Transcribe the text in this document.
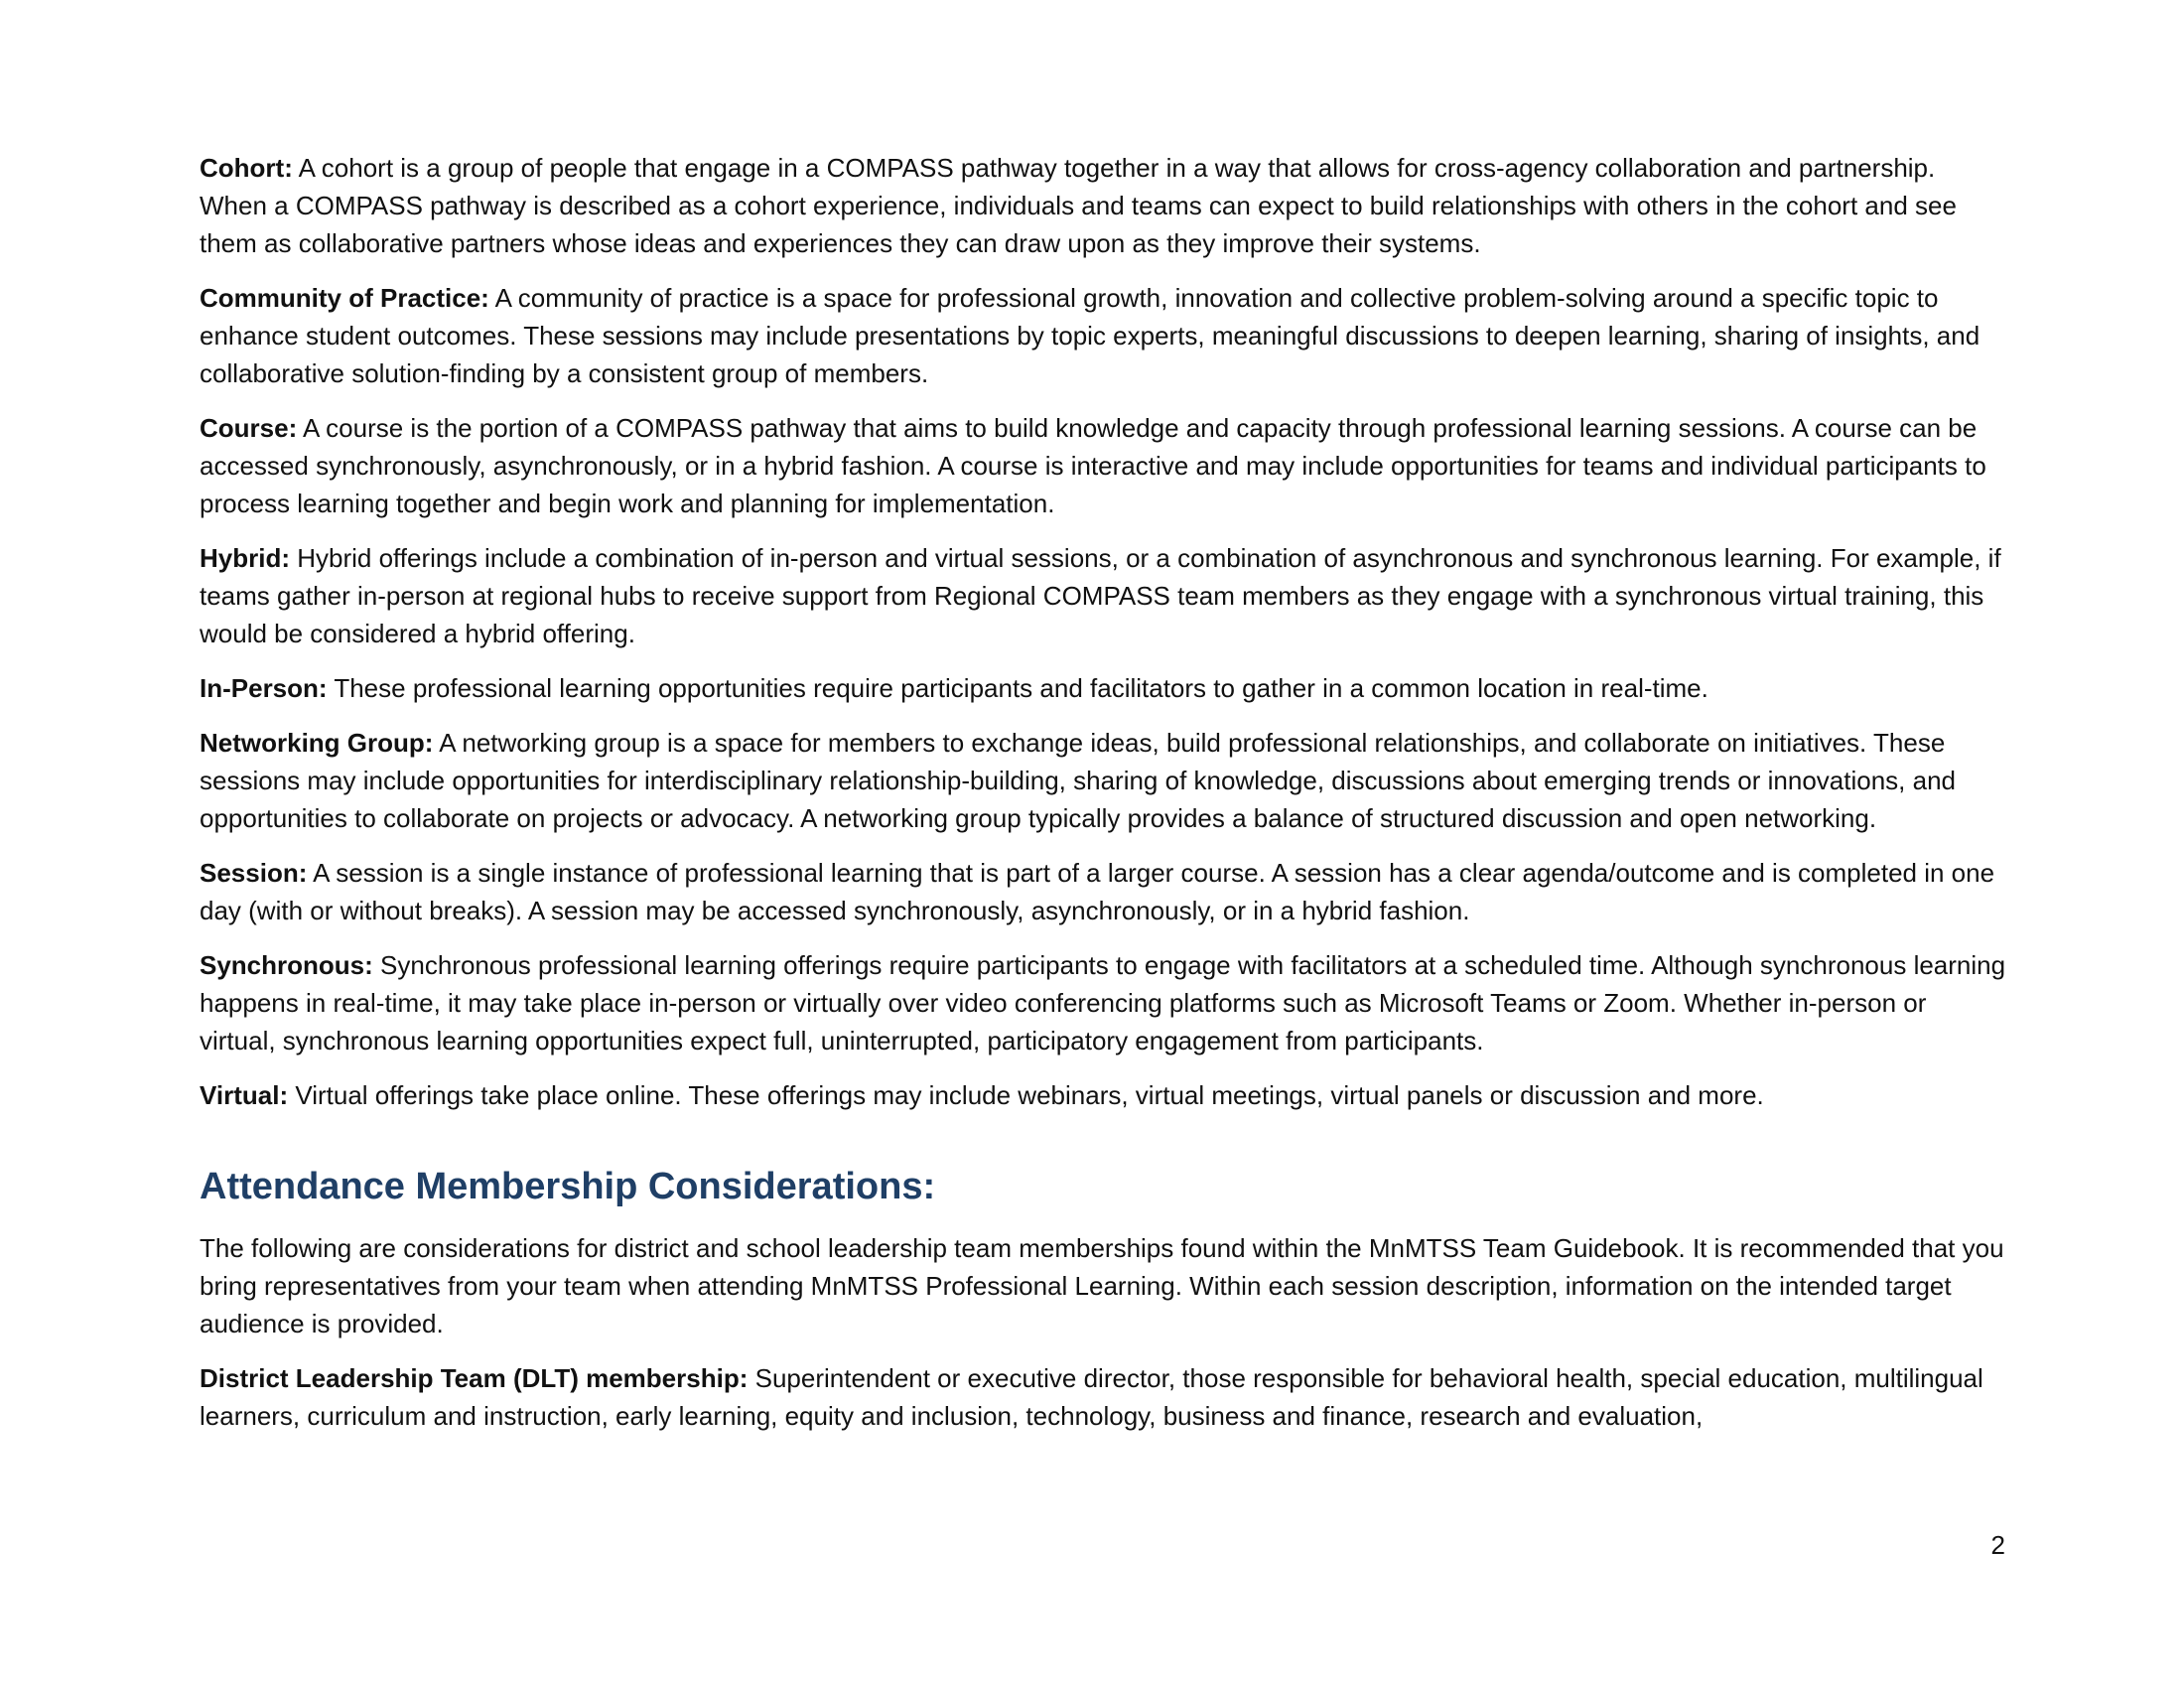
Cohort: A cohort is a group of people that engage in a COMPASS pathway together in a way that allows for cross-agency collaboration and partnership. When a COMPASS pathway is described as a cohort experience, individuals and teams can expect to build relationships with others in the cohort and see them as collaborative partners whose ideas and experiences they can draw upon as they improve their systems.

Community of Practice: A community of practice is a space for professional growth, innovation and collective problem-solving around a specific topic to enhance student outcomes. These sessions may include presentations by topic experts, meaningful discussions to deepen learning, sharing of insights, and collaborative solution-finding by a consistent group of members.

Course: A course is the portion of a COMPASS pathway that aims to build knowledge and capacity through professional learning sessions. A course can be accessed synchronously, asynchronously, or in a hybrid fashion. A course is interactive and may include opportunities for teams and individual participants to process learning together and begin work and planning for implementation.

Hybrid: Hybrid offerings include a combination of in-person and virtual sessions, or a combination of asynchronous and synchronous learning. For example, if teams gather in-person at regional hubs to receive support from Regional COMPASS team members as they engage with a synchronous virtual training, this would be considered a hybrid offering.

In-Person: These professional learning opportunities require participants and facilitators to gather in a common location in real-time.

Networking Group: A networking group is a space for members to exchange ideas, build professional relationships, and collaborate on initiatives. These sessions may include opportunities for interdisciplinary relationship-building, sharing of knowledge, discussions about emerging trends or innovations, and opportunities to collaborate on projects or advocacy. A networking group typically provides a balance of structured discussion and open networking.

Session: A session is a single instance of professional learning that is part of a larger course. A session has a clear agenda/outcome and is completed in one day (with or without breaks). A session may be accessed synchronously, asynchronously, or in a hybrid fashion.

Synchronous: Synchronous professional learning offerings require participants to engage with facilitators at a scheduled time. Although synchronous learning happens in real-time, it may take place in-person or virtually over video conferencing platforms such as Microsoft Teams or Zoom. Whether in-person or virtual, synchronous learning opportunities expect full, uninterrupted, participatory engagement from participants.

Virtual: Virtual offerings take place online. These offerings may include webinars, virtual meetings, virtual panels or discussion and more.

Attendance Membership Considerations:

The following are considerations for district and school leadership team memberships found within the MnMTSS Team Guidebook. It is recommended that you bring representatives from your team when attending MnMTSS Professional Learning. Within each session description, information on the intended target audience is provided.

District Leadership Team (DLT) membership: Superintendent or executive director, those responsible for behavioral health, special education, multilingual learners, curriculum and instruction, early learning, equity and inclusion, technology, business and finance, research and evaluation,

2
